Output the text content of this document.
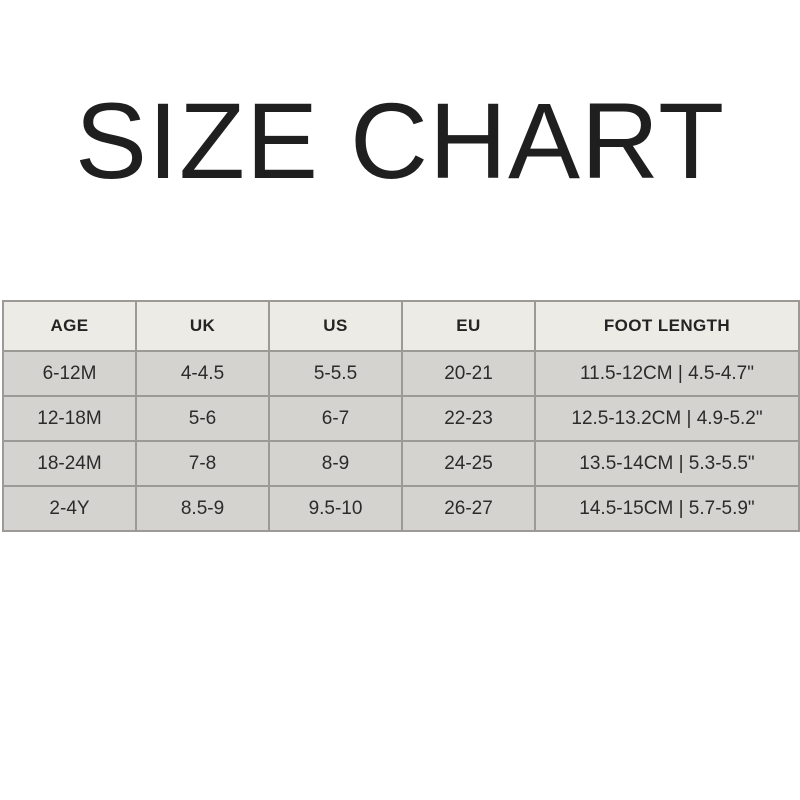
SIZE CHART
AGE	UK	US	EU	FOOT LENGTH
6-12M	4-4.5	5-5.5	20-21	11.5-12CM | 4.5-4.7"
12-18M	5-6	6-7	22-23	12.5-13.2CM | 4.9-5.2"
18-24M	7-8	8-9	24-25	13.5-14CM | 5.3-5.5"
2-4Y	8.5-9	9.5-10	26-27	14.5-15CM | 5.7-5.9"
